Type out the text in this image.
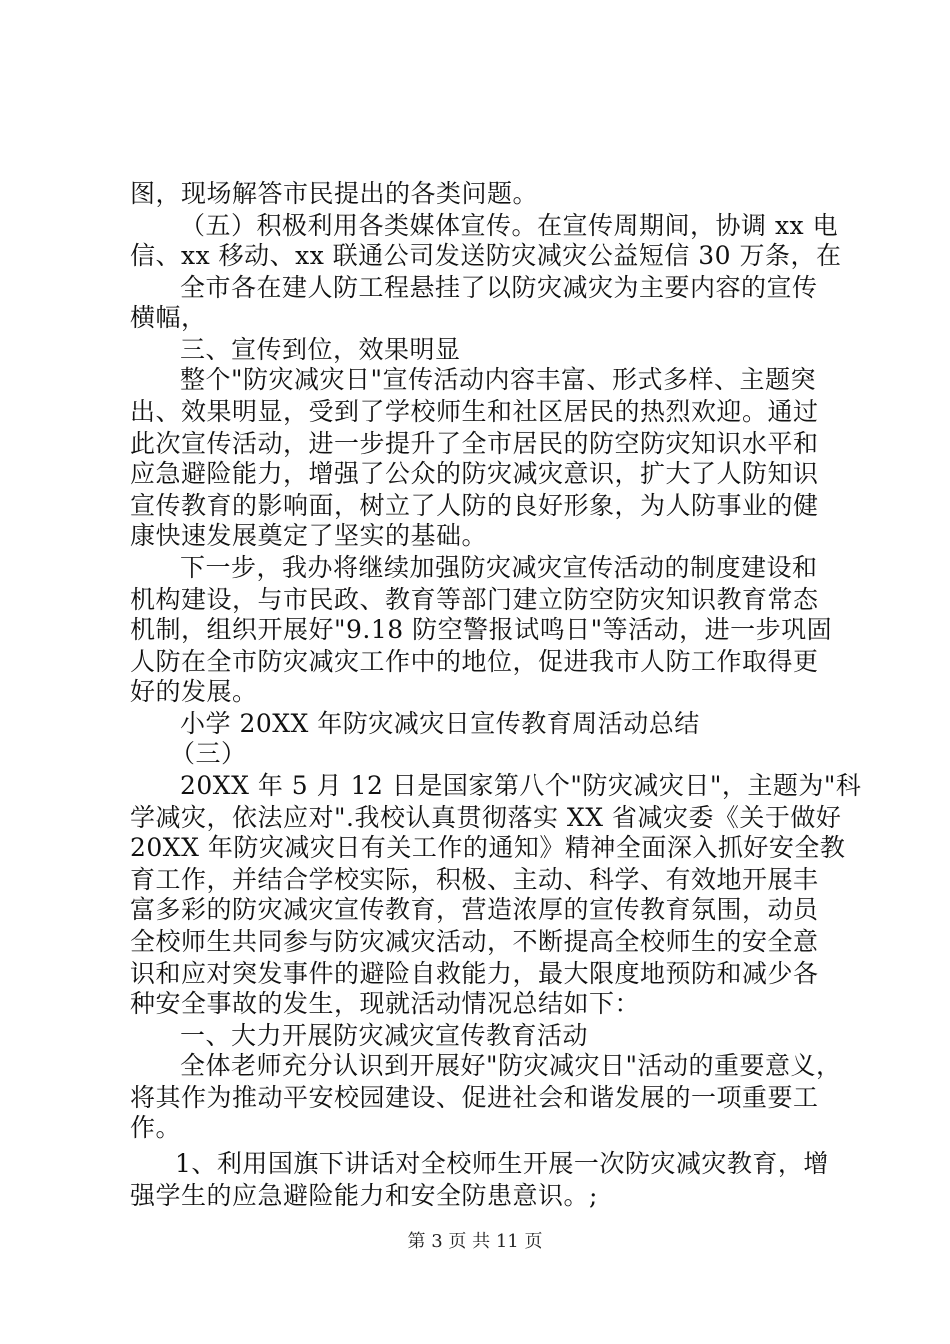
图，现场解答市民提出的各类问题。
（五）积极利用各类媒体宣传。在宣传周期间，协调 xx 电
信、xx 移动、xx 联通公司发送防灾减灾公益短信 30 万条，在
全市各在建人防工程悬挂了以防灾减灾为主要内容的宣传
横幅，
三、宣传到位，效果明显
整个"防灾减灾日"宣传活动内容丰富、形式多样、主题突
出、效果明显，受到了学校师生和社区居民的热烈欢迎。通过
此次宣传活动，进一步提升了全市居民的防空防灾知识水平和
应急避险能力，增强了公众的防灾减灾意识，扩大了人防知识
宣传教育的影响面，树立了人防的良好形象，为人防事业的健
康快速发展奠定了坚实的基础。
下一步，我办将继续加强防灾减灾宣传活动的制度建设和
机构建设，与市民政、教育等部门建立防空防灾知识教育常态
机制，组织开展好"9.18 防空警报试鸣日"等活动，进一步巩固
人防在全市防灾减灾工作中的地位，促进我市人防工作取得更
好的发展。
小学 20XX 年防灾减灾日宣传教育周活动总结
（三）
20XX 年 5 月 12 日是国家第八个"防灾减灾日"，主题为"科
学减灾，依法应对".我校认真贯彻落实 XX 省减灾委《关于做好
20XX 年防灾减灾日有关工作的通知》精神全面深入抓好安全教
育工作，并结合学校实际，积极、主动、科学、有效地开展丰
富多彩的防灾减灾宣传教育，营造浓厚的宣传教育氛围，动员
全校师生共同参与防灾减灾活动，不断提高全校师生的安全意
识和应对突发事件的避险自救能力，最大限度地预防和减少各
种安全事故的发生，现就活动情况总结如下：
一、大力开展防灾减灾宣传教育活动
全体老师充分认识到开展好"防灾减灾日"活动的重要意义，
将其作为推动平安校园建设、促进社会和谐发展的一项重要工
作。
1、利用国旗下讲话对全校师生开展一次防灾减灾教育，增
强学生的应急避险能力和安全防患意识。;
第 3 页 共 11 页
